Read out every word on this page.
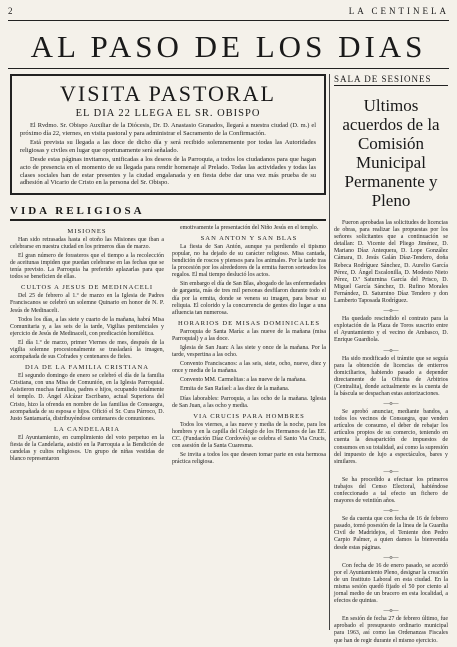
2	LA CENTINELA
AL PASO DE LOS DIAS
VISITA PASTORAL
EL DIA 22 LLEGA EL SR. OBISPO

El Rvdmo. Sr. Obispo Auxiliar de la Diócesis, Dr. D. Anastasio Granados, llegará a nuestra ciudad (D. m.) el próximo día 22, viernes, en visita pastoral y para administrar el Sacramento de la Confirmación.

Está prevista su llegada a las doce de dicho día y será recibido solemnemente por todas las Autoridades religiosas y civiles en lugar que oportunamente será señalado.

Desde estas páginas invitamos, unificadas a los deseos de la Parroquia, a todos los ciudadanos para que hagan acto de presencia en el momento de su llegada para rendir homenaje al Prelado. Todas las actividades y todas las clases sociales han de estar presentes y la ciudad engalanada y en fiesta debe dar una vez más prueba de su adhesión al Vicario de Cristo en la persona del Sr. Obispo.

VIDA RELIGIOSA
MISIONES

Han sido retrasadas hasta el otoño las Misiones que iban a celebrarse en nuestra ciudad en los primeros días de marzo.

El gran número de forasteros que el tiempo a la recolección de aceitunas impiden que puedan celebrarse en las fechas que se tenía previsto. La Parroquia ha preferido aplazarlas para que todos se beneficien de ellas.

CULTOS A JESUS DE MEDINACELI

Del 25 de febrero al 1.º de marzo en la Iglesia de Padres Franciscanos se celebró un solemne Quinario en honor de N. P. Jesús de Medinaceli.

Todos los días, a las siete y cuarto de la mañana, habrá Misa Comunitaria y, a las seis de la tarde, Vigilias penitenciales y ejercicio de Jesús de Medinaceli, con predicación homilética.

El día 1.º de marzo, primer Viernes de mes, después de la vigilia solemne procesionalmente se trasladará la imagen, acompañada de sus Cofrades y centenares de fieles.

DIA DE LA FAMILIA CRISTIANA

El segundo domingo de enero se celebró el día de la familia Cristiana, con una Misa de Comunión, en la Iglesia Parroquial. Asistieron muchas familias, padres e hijos, ocupando totalmente el templo. D. Ángel Alcázar Escribano, actual Superiora del Cristo, hizo la ofrenda en nombre de las familias de Consuegra, acompañada de su esposa e hijos. Ofició el Sr. Cura Párroco, D. Justo Santamaría, distribuyéndose centenares de comuniones.

LA CANDELARIA

El Ayuntamiento, en cumplimiento del voto perpetuo en la fiesta de la Candelaria, asistió en la Parroquia a la Bendición de candelas y cultos religiosos. Un grupo de niñas vestidas de blanco representaron

emotivamente la presentación del Niño Jesús en el templo.

SAN ANTON Y SAN BLAS

La fiesta de San Antón, aunque ya perdiendo el tipismo popular, no ha dejado de su carácter religioso. Misa cantada, bendición de roscos y piensos para los animales. Por la tarde tras la procesión por los alrededores de la ermita fueron sorteados los regalos. El mal tiempo deslució los actos.

Sin embargo el día de San Blas, abogado de las enfermedades de garganta, más de tres mil personas desfilaron durante todo el día por la ermita, donde se venera su imagen, para besar su reliquia. El colorido y la concurrencia de gentes dio lugar a una afluencia tan numerosa.

HORARIOS DE MISAS DOMINICALES

Parroquia de Santa María: a las nueve de la mañana (misa Parroquial) y a las doce.

Iglesia de San Juan: A las siete y once de la mañana. Por la tarde, vespertina a las ocho.

Convento Franciscanos: a las seis, siete, ocho, nueve, diez y once y media de la mañana.

Convento MM. Carmelitas: a las nueve de la mañana.

Ermita de San Rafael: a las diez de la mañana.

Días laborables: Parroquia, a las ocho de la mañana. Iglesia de San Juan, a las ocho y media.

VIA CRUCIS PARA HOMBRES

Todos los viernes, a las nueve y media de la noche, para los hombres y en la capilla del Colegio de los Hermanos de las EE. CC. (Fundación Díaz Cordovés) se celebra el Santo Via Crucis, con asesión de la Santa Cuaresma.

Se invita a todos los que deseen tomar parte en esta hermosa práctica religiosa.

SALA DE SESIONES
Ultimos acuerdos de la Comisión Municipal Permanente y Pleno

Fueron aprobadas las solicitudes de licencias de obras, para realizar las propuestas por los señores solicitantes que a continuación se detallan: D. Vicente del Pliego Jiménez, D. Mariano Díaz Antequera, D. Lope González Cámara, D. Jesús Galán Díaz-Tendero, doña Rebeca Rodríguez Sánchez, D. Aurelio García Pérez, D. Ángel Escalonilla, D. Modesto Nieto Pérez, D.ª Saturnina García del Prisco, D. Miguel García Sánchez, D. Rufino Morales Fernández, D. Saturnino Díaz Tendero y don Lamberto Taposada Rodríguez.

—o—

Ha quedado rescindido el contrato para la explotación de la Plaza de Toros suscrito entre el Ayuntamiento y el vecino de Ambasco, D. Enrique Guardiola.

—o—

Ha sido modificado el trámite que se seguía para la obtención de licencias de entierros domiciliarios, habiendo pasado a depender directamente de la Oficina de Arbitrios (Centralita), donde actualmente es la cuenta de la báscula se despachan estas autorizaciones.

—o—

Se aprobó anunciar, mediante bandos, a todos los vecinos de Consuegra, que venden artículos de consumo, el deber de rebajar los artículos propios de su comercio, teniendo en cuenta la desaparición de impuestos de consumos en su totalidad, así como la supresión del impuesto de lujo a espectáculos, bares y similares.

—o—

Se ha procedido a efectuar los primeros trabajos del Censo Electoral, habiéndose confeccionado a tal efecto un fichero de mayores de veintiún años.

—o—

Se da cuenta que con fecha de 16 de febrero pasado, tomó posesión de la linea de la Guardia Civil de Madridejos, el Teniente don Pedro Carpio Palmer, a quien damos la bienvenida desde estas páginas.

—o—

Con fecha de 16 de enero pasado, se acordó por el Ayuntamiento Pleno, designar la creación de un Instituto Laboral en esta ciudad. En la misma sesión quedó fijado el 50 por ciento al jornal medio de un bracero en esta localidad, a efectos de quintas.

—o—

En sesión de fecha 27 de febrero último, fue aprobado el presupuesto ordinario municipal para 1963, así como las Ordenanzas Fiscales que han de regir durante el mismo ejercicio.
